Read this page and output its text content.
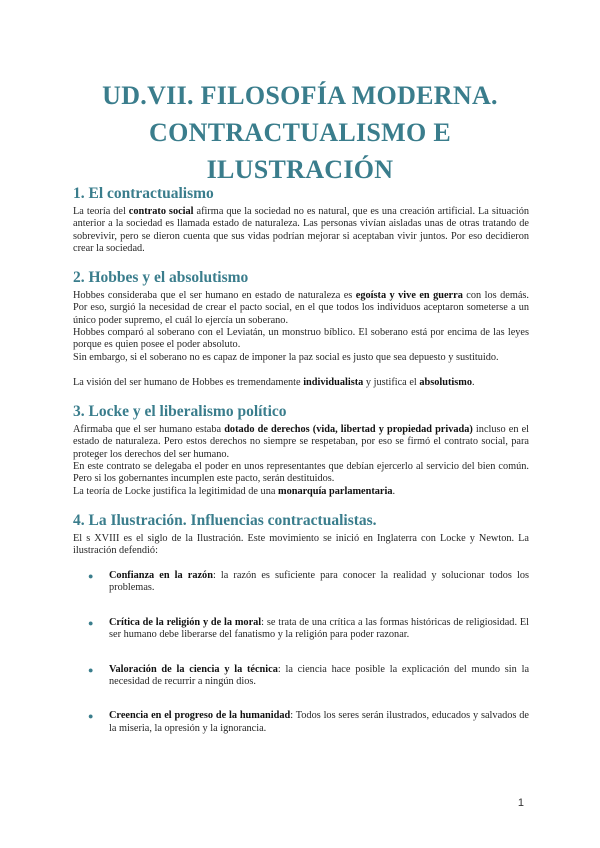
UD.VII. FILOSOFÍA MODERNA.
CONTRACTUALISMO E
ILUSTRACIÓN
1. El contractualismo

La teoría del contrato social afirma que la sociedad no es natural, que es una creación artificial. La situación anterior a la sociedad es llamada estado de naturaleza. Las personas vivían aisladas unas de otras tratando de sobrevivir, pero se dieron cuenta que sus vidas podrían mejorar si aceptaban vivir juntos. Por eso decidieron crear la sociedad.

2. Hobbes y el absolutismo

Hobbes consideraba que el ser humano en estado de naturaleza es egoísta y vive en guerra con los demás. Por eso, surgió la necesidad de crear el pacto social, en el que todos los individuos aceptaron someterse a un único poder supremo, el cuál lo ejercía un soberano.

Hobbes comparó al soberano con el Leviatán, un monstruo bíblico. El soberano está por encima de las leyes porque es quien posee el poder absoluto.

Sin embargo, si el soberano no es capaz de imponer la paz social es justo que sea depuesto y sustituido.

La visión del ser humano de Hobbes es tremendamente individualista y justifica el absolutismo.

3. Locke y el liberalismo político

Afirmaba que el ser humano estaba dotado de derechos (vida, libertad y propiedad privada) incluso en el estado de naturaleza. Pero estos derechos no siempre se respetaban, por eso se firmó el contrato social, para proteger los derechos del ser humano.

En este contrato se delegaba el poder en unos representantes que debían ejercerlo al servicio del bien común. Pero si los gobernantes incumplen este pacto, serán destituidos.

La teoría de Locke justifica la legitimidad de una monarquía parlamentaria.

4. La Ilustración. Influencias contractualistas.

El s XVIII es el siglo de la Ilustración. Este movimiento se inició en Inglaterra con Locke y Newton. La ilustración defendió:

● Confianza en la razón: la razón es suficiente para conocer la realidad y solucionar todos los problemas.
● Crítica de la religión y de la moral: se trata de una crítica a las formas históricas de religiosidad. El ser humano debe liberarse del fanatismo y la religión para poder razonar.
● Valoración de la ciencia y la técnica: la ciencia hace posible la explicación del mundo sin la necesidad de recurrir a ningún dios.
● Creencia en el progreso de la humanidad: Todos los seres serán ilustrados, educados y salvados de la miseria, la opresión y la ignorancia.
1
